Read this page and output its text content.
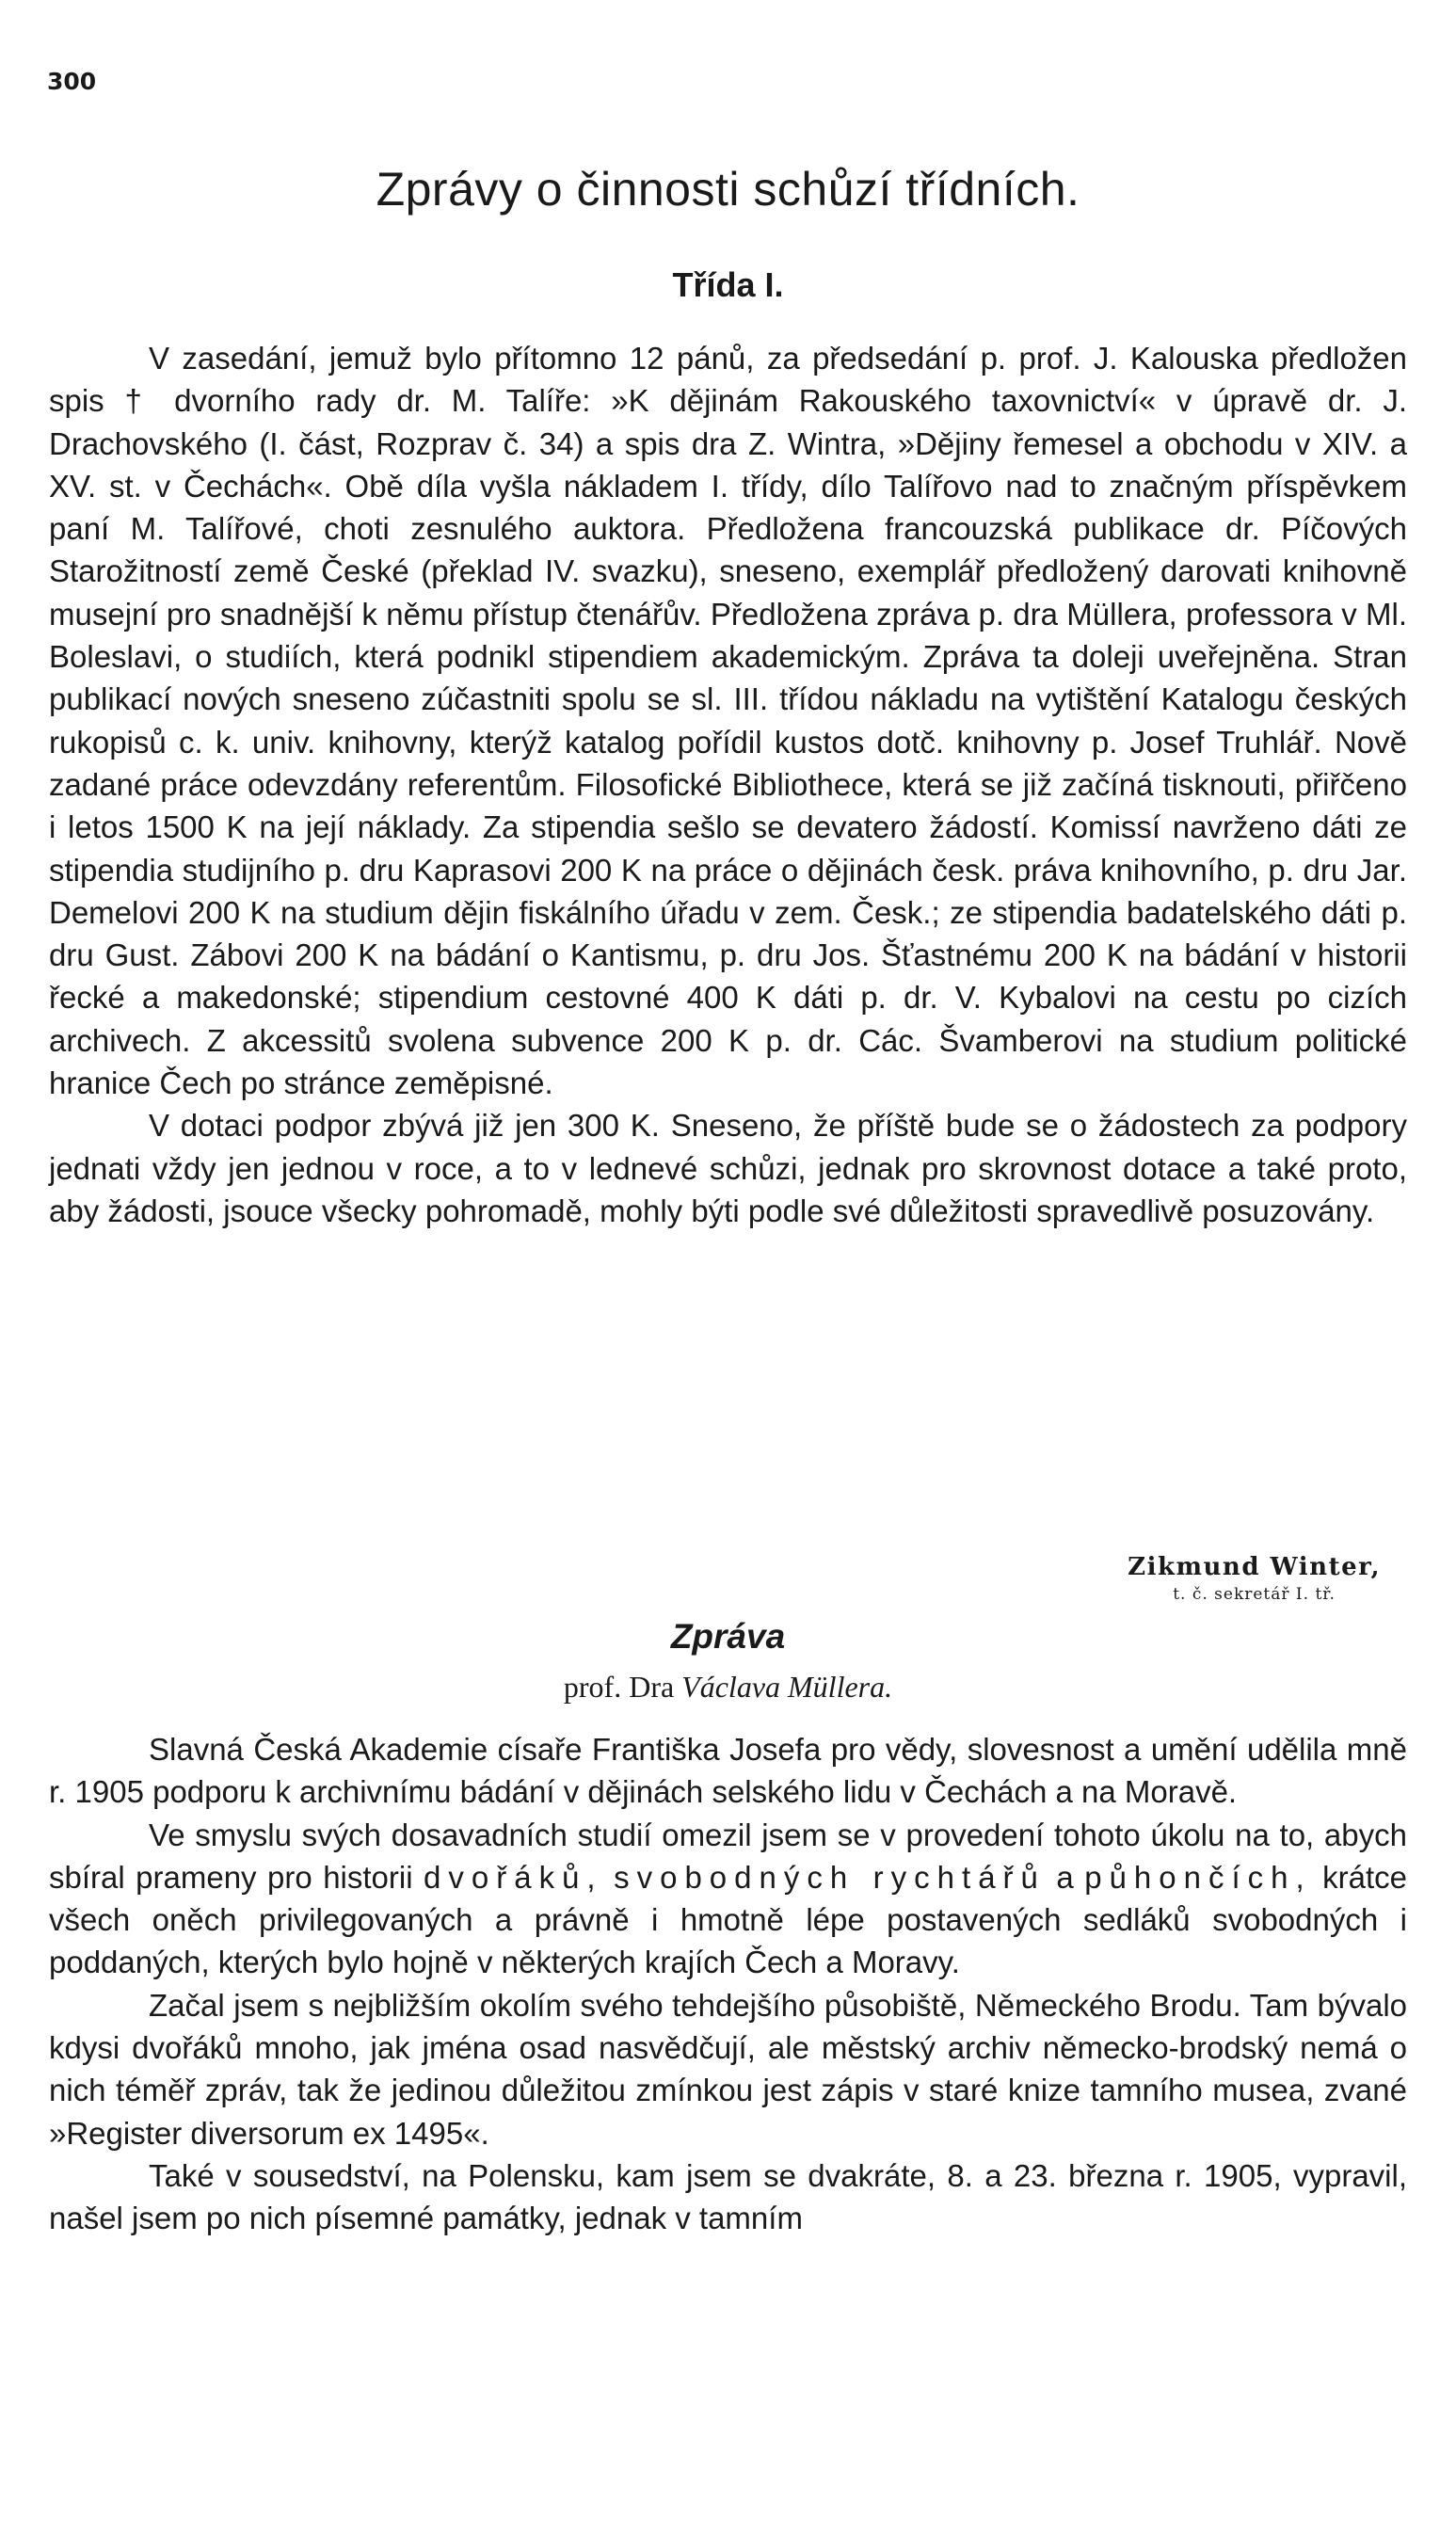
300
Zprávy o činnosti schůzí třídních.
Třída I.

V zasedání, jemuž bylo přítomno 12 pánů, za předsedání p. prof. J. Kalouska předložen spis † dvorního rady dr. M. Talíře: »K dějinám Rakouského taxovnictví« v úpravě dr. J. Drachovského (I. část, Rozprav č. 34) a spis dra Z. Wintra, »Dějiny řemesel a obchodu v XIV. a XV. st. v Čechách«. Obě díla vyšla nákladem I. třídy, dílo Talířovo nad to značným příspěvkem paní M. Talířové, choti zesnulého auktora. Předložena francouzská publikace dr. Píčových Starožitností země České (překlad IV. svazku), sneseno, exemplář předložený darovati knihovně musejní pro snadnější k němu přístup čtenářův. Předložena zpráva p. dra Müllera, professora v Ml. Boleslavi, o studiích, která podnikl stipendiem akademickým. Zpráva ta doleji uveřejněna. Stran publikací nových sneseno zúčastniti spolu se sl. III. třídou nákladu na vytištění Katalogu českých rukopisů c. k. univ. knihovny, kterýž katalog pořídil kustos dotč. knihovny p. Josef Truhlář. Nově zadané práce odevzdány referentům. Filosofické Bibliothece, která se již začíná tisknouti, přiřčeno i letos 1500 K na její náklady. Za stipendia sešlo se devatero žádostí. Komissí navrženo dáti ze stipendia studijního p. dru Kaprasovi 200 K na práce o dějinách česk. práva knihovního, p. dru Jar. Demelovi 200 K na studium dějin fiskálního úřadu v zem. Česk.; ze stipendia badatelského dáti p. dru Gust. Zábovi 200 K na bádání o Kantismu, p. dru Jos. Šťastnému 200 K na bádání v historii řecké a makedonské; stipendium cestovné 400 K dáti p. dr. V. Kybalovi na cestu po cizích archivech. Z akcessitů svolena subvence 200 K p. dr. Các. Švamberovi na studium politické hranice Čech po stránce zeměpisné.

V dotaci podpor zbývá již jen 300 K. Sneseno, že příště bude se o žádostech za podpory jednati vždy jen jednou v roce, a to v lednevé schůzi, jednak pro skrovnost dotace a také proto, aby žádosti, jsouce všecky pohromadě, mohly býti podle své důležitosti spravedlivě posuzovány.

Zikmund Winter,
t. č. sekretář I. tř.
Zpráva
prof. Dra Václava Müllera.

Slavná Česká Akademie císaře Františka Josefa pro vědy, slovesnost a umění udělila mně r. 1905 podporu k archivnímu bádání v dějinách selského lidu v Čechách a na Moravě.

Ve smyslu svých dosavadních studií omezil jsem se v provedení tohoto úkolu na to, abych sbíral prameny pro historii dvořáků, svobodných rychtářů a půhončích, krátce všech oněch privilegovaných a právně i hmotně lépe postavených sedláků svobodných i poddaných, kterých bylo hojně v některých krajích Čech a Moravy.

Začal jsem s nejbližším okolím svého tehdejšího působiště, Německého Brodu. Tam bývalo kdysi dvořáků mnoho, jak jména osad nasvědčují, ale městský archiv německo-brodský nemá o nich téměř zpráv, tak že jedinou důležitou zmínkou jest zápis v staré knize tamního musea, zvané »Register diversorum ex 1495«.

Také v sousedství, na Polensku, kam jsem se dvakráte, 8. a 23. března r. 1905, vypravil, našel jsem po nich písemné památky, jednak v tamním
